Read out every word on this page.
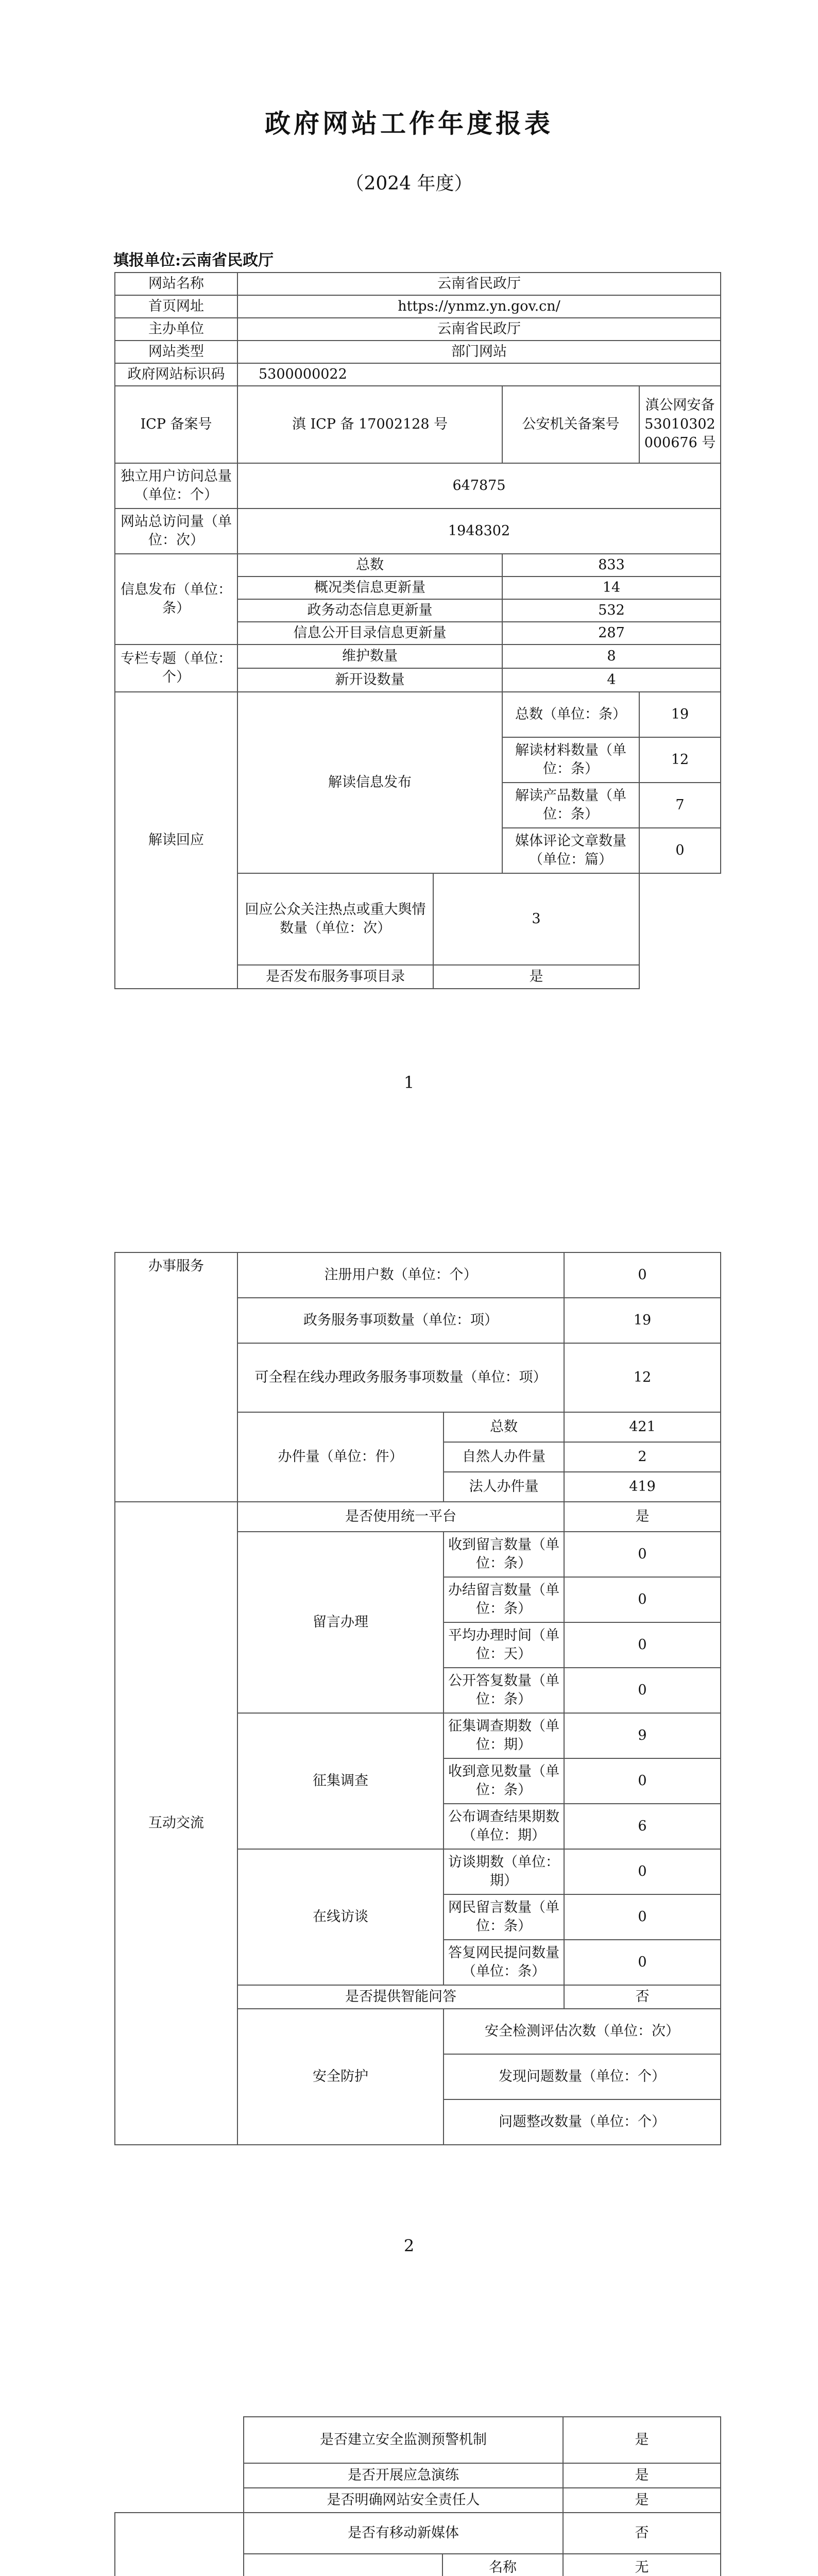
政府网站工作年度报表
（2024 年度）
填报单位:云南省民政厅
网站名称	云南省民政厅			
首页网址	https://ynmz.yn.gov.cn/			
主办单位	云南省民政厅			
网站类型	部门网站			
政府网站标识码	5300000022			
ICP 备案号	滇 ICP 备 17002128 号		公安机关备案号	滇公网安备 53010302000676 号
独立用户访问总量（单位：个）	647875			
网站总访问量（单位：次）	1948302			
信息发布（单位：条）	总数		833	
	概况类信息更新量		14	
	政务动态信息更新量		532	
	信息公开目录信息更新量		287	
专栏专题（单位：个）	维护数量		8	
	新开设数量		4	
解读回应	解读信息发布		总数（单位：条）	19
			解读材料数量（单位：条）	12
			解读产品数量（单位：条）	7
			媒体评论文章数量（单位：篇）	0
	回应公众关注热点或重大舆情数量（单位：次）	3		
	是否发布服务事项目录	是		
1
办事服务	注册用户数（单位：个）		0	
	政务服务事项数量（单位：项）		19	
	可全程在线办理政务服务事项数量（单位：项）		12	
	办件量（单位：件）	总数	421	
		自然人办件量	2	
		法人办件量	419	
互动交流	是否使用统一平台		是	
	留言办理	收到留言数量（单位：条）	0	
		办结留言数量（单位：条）	0	
		平均办理时间（单位：天）	0	
		公开答复数量（单位：条）	0	
	征集调查	征集调查期数（单位：期）	9	
		收到意见数量（单位：条）	0	
		公布调查结果期数（单位：期）	6	
	在线访谈	访谈期数（单位：期）	0	
		网民留言数量（单位：条）	0	
		答复网民提问数量（单位：条）	0	
	是否提供智能问答		否	
	安全防护	安全检测评估次数（单位：次）	
		发现问题数量（单位：个）	
		问题整改数量（单位：个）	
2
	是否建立安全监测预警机制		是
	是否开展应急演练		是
	是否明确网站安全责任人		是
	是否有移动新媒体		否
	名称	无
